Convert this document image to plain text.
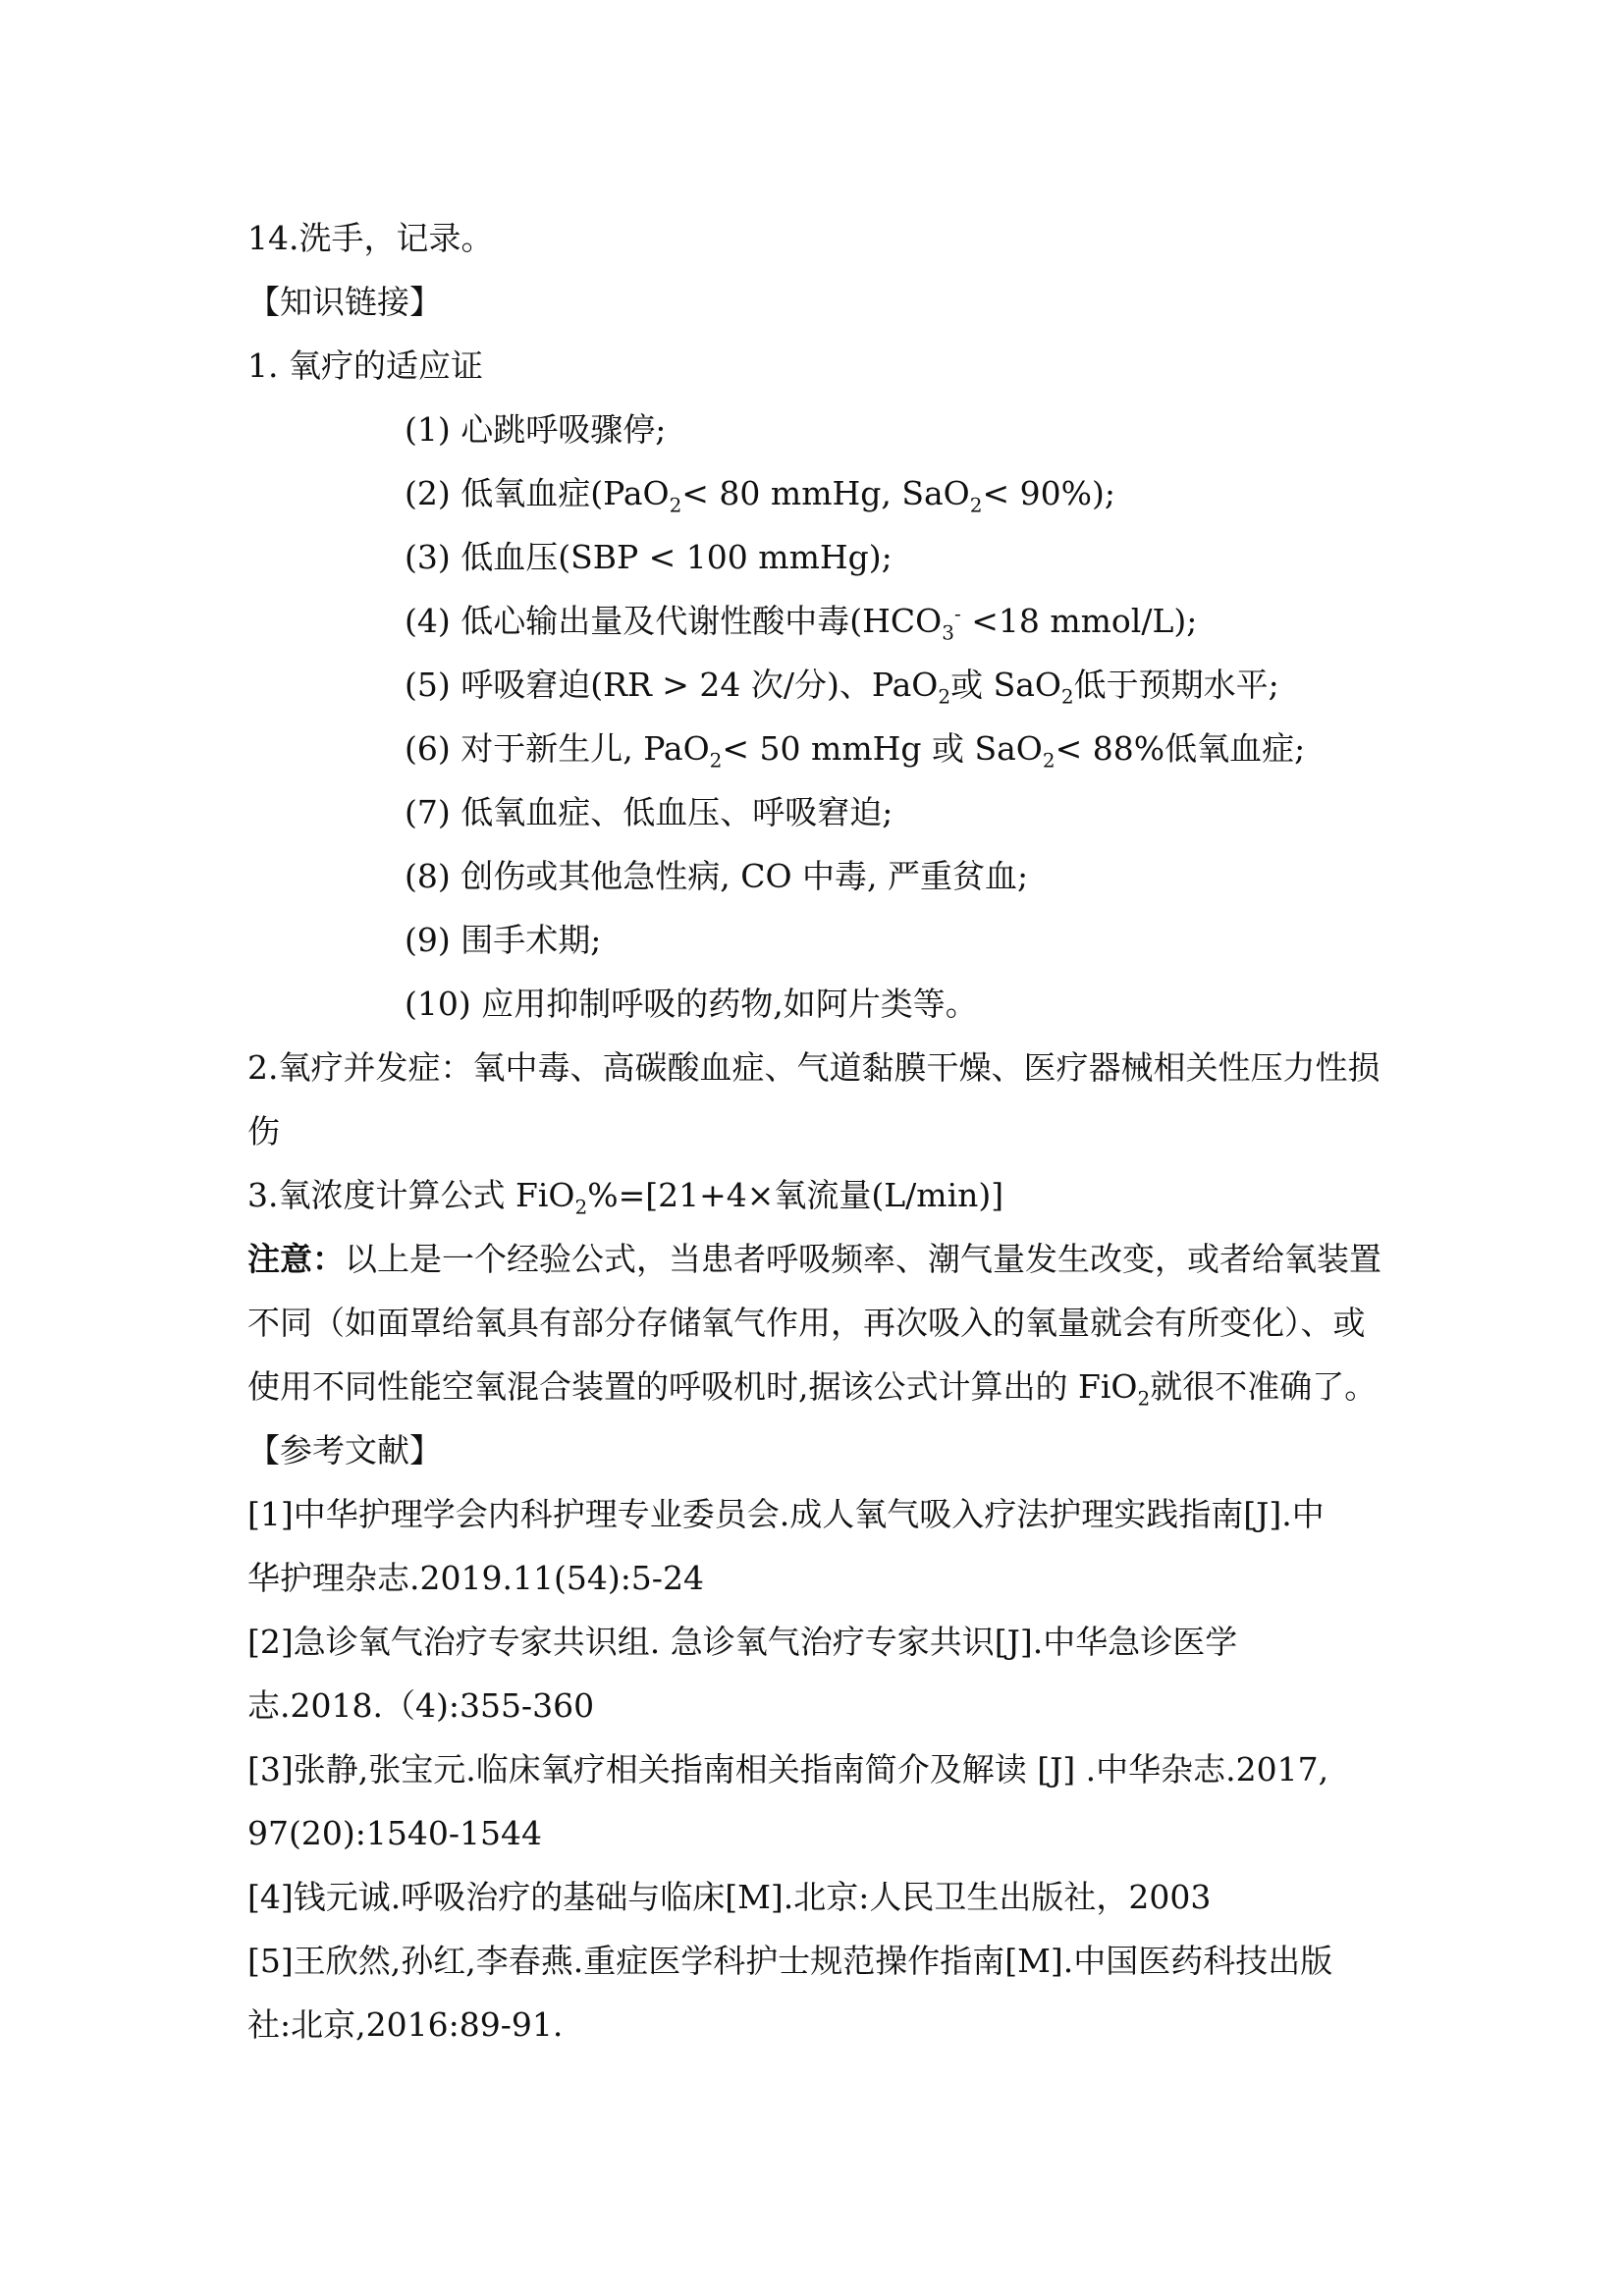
14.洗手，记录。
【知识链接】
1. 氧疗的适应证
(1) 心跳呼吸骤停;
(2) 低氧血症(PaO$_2$< 80 mmHg, SaO$_2$< 90%);
(3) 低血压(SBP < 100 mmHg);
(4) 低心输出量及代谢性酸中毒($HCO_3^- <18$ mmol/L);
(5) 呼吸窘迫(RR > 24 次/分)、PaO$_2$或 SaO$_2$低于预期水平;
(6) 对于新生儿, PaO$_2$< 50 mmHg 或 SaO$_2$< 88%低氧血症;
(7) 低氧血症、低血压、呼吸窘迫;
(8) 创伤或其他急性病, CO 中毒, 严重贫血;
(9) 围手术期;
(10) 应用抑制呼吸的药物,如阿片类等。
2.氧疗并发症：氧中毒、高碳酸血症、气道黏膜干燥、医疗器械相关性压力性损
伤
3.氧浓度计算公式 FiO$_2$%=[21+4×氧流量(L/min)]
注意：以上是一个经验公式，当患者呼吸频率、潮气量发生改变，或者给氧装置
不同（如面罩给氧具有部分存储氧气作用，再次吸入的氧量就会有所变化）、或
使用不同性能空氧混合装置的呼吸机时,据该公式计算出的 FiO$_2$就很不准确了。
【参考文献】
[1]中华护理学会内科护理专业委员会.成人氧气吸入疗法护理实践指南[J].中
华护理杂志.2019.11(54):5-24
[2]急诊氧气治疗专家共识组. 急诊氧气治疗专家共识[J].中华急诊医学
志.2018.（4):355-360
[3]张静,张宝元.临床氧疗相关指南相关指南简介及解读 [J] .中华杂志.2017,
97(20):1540-1544
[4]钱元诚.呼吸治疗的基础与临床[M].北京:人民卫生出版社，2003
[5]王欣然,孙红,李春燕.重症医学科护士规范操作指南[M].中国医药科技出版
社:北京,2016:89-91.
